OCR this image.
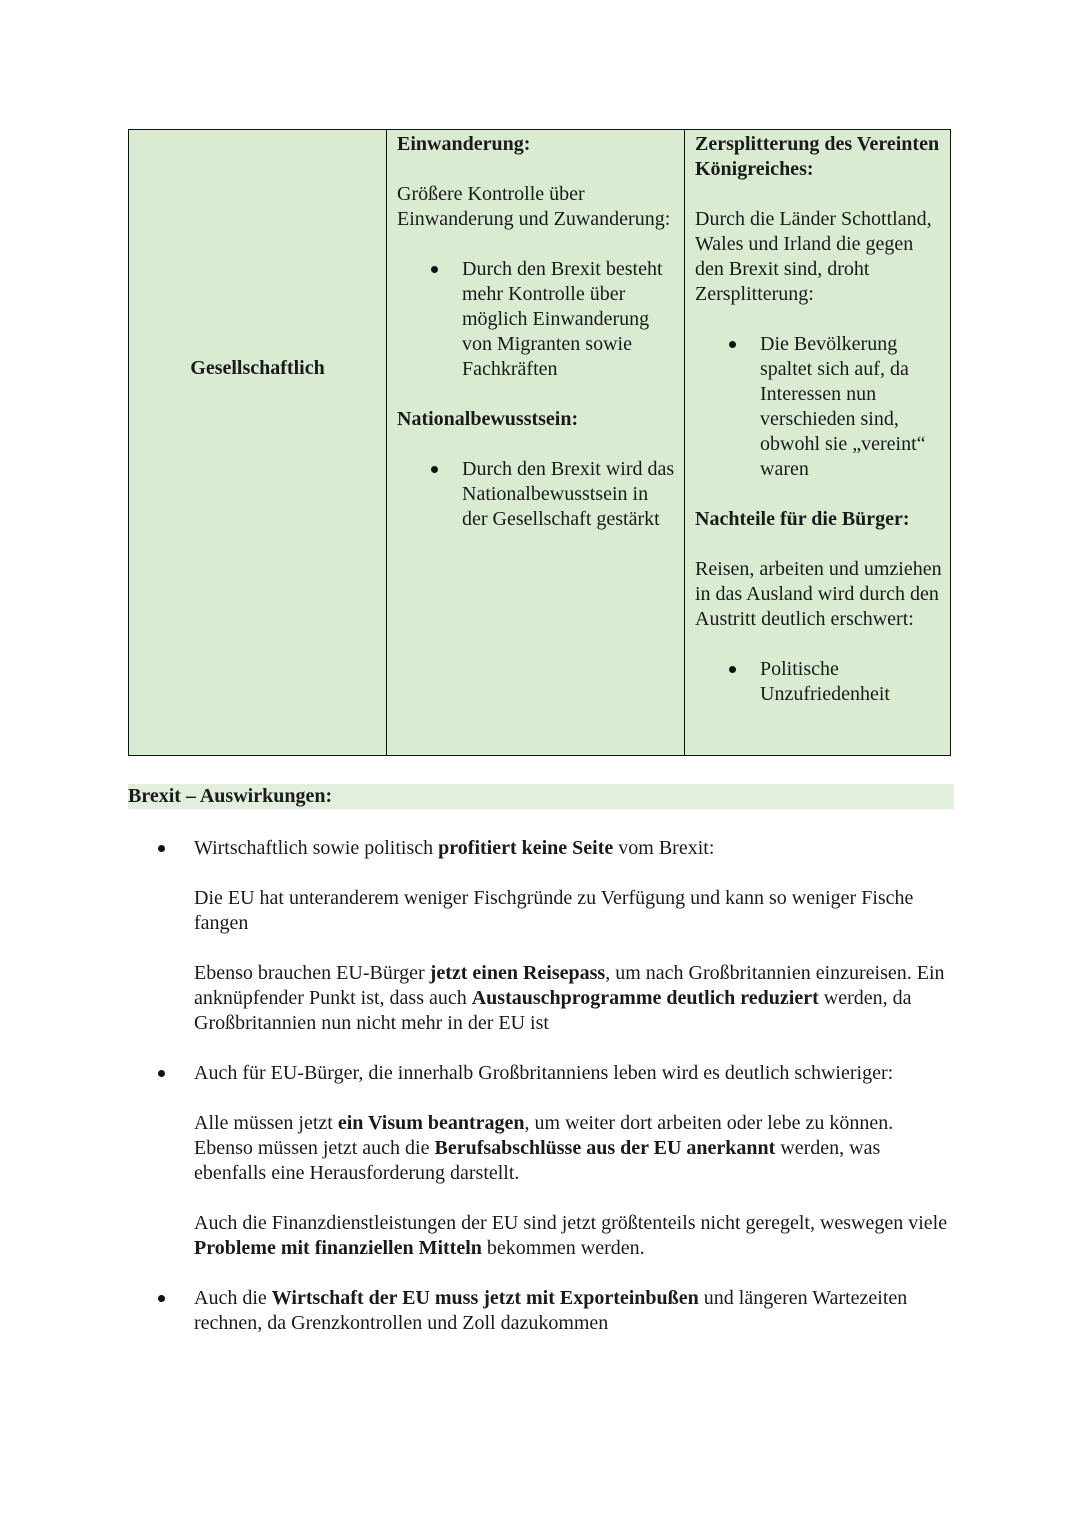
Gesellschaftlich

Einwanderung:

Größere Kontrolle über Einwanderung und Zuwanderung:

Durch den Brexit besteht mehr Kontrolle über möglich Einwanderung von Migranten sowie Fachkräften

Nationalbewusstsein:

Durch den Brexit wird das Nationalbewusstsein in der Gesellschaft gestärkt

Zersplitterung des Vereinten Königreiches:

Durch die Länder Schottland, Wales und Irland die gegen den Brexit sind, droht Zersplitterung:

Die Bevölkerung spaltet sich auf, da Interessen nun verschieden sind, obwohl sie „vereint“ waren

Nachteile für die Bürger:

Reisen, arbeiten und umziehen in das Ausland wird durch den Austritt deutlich erschwert:

Politische Unzufriedenheit
Brexit – Auswirkungen:

Wirtschaftlich sowie politisch profitiert keine Seite vom Brexit:

Die EU hat unteranderem weniger Fischgründe zu Verfügung und kann so weniger Fische fangen

Ebenso brauchen EU-Bürger jetzt einen Reisepass, um nach Großbritannien einzureisen. Ein anknüpfender Punkt ist, dass auch Austauschprogramme deutlich reduziert werden, da Großbritannien nun nicht mehr in der EU ist

Auch für EU-Bürger, die innerhalb Großbritanniens leben wird es deutlich schwieriger:

Alle müssen jetzt ein Visum beantragen, um weiter dort arbeiten oder lebe zu können. Ebenso müssen jetzt auch die Berufsabschlüsse aus der EU anerkannt werden, was ebenfalls eine Herausforderung darstellt.

Auch die Finanzdienstleistungen der EU sind jetzt größtenteils nicht geregelt, weswegen viele Probleme mit finanziellen Mitteln bekommen werden.

Auch die Wirtschaft der EU muss jetzt mit Exporteinbußen und längeren Wartezeiten rechnen, da Grenzkontrollen und Zoll dazukommen
